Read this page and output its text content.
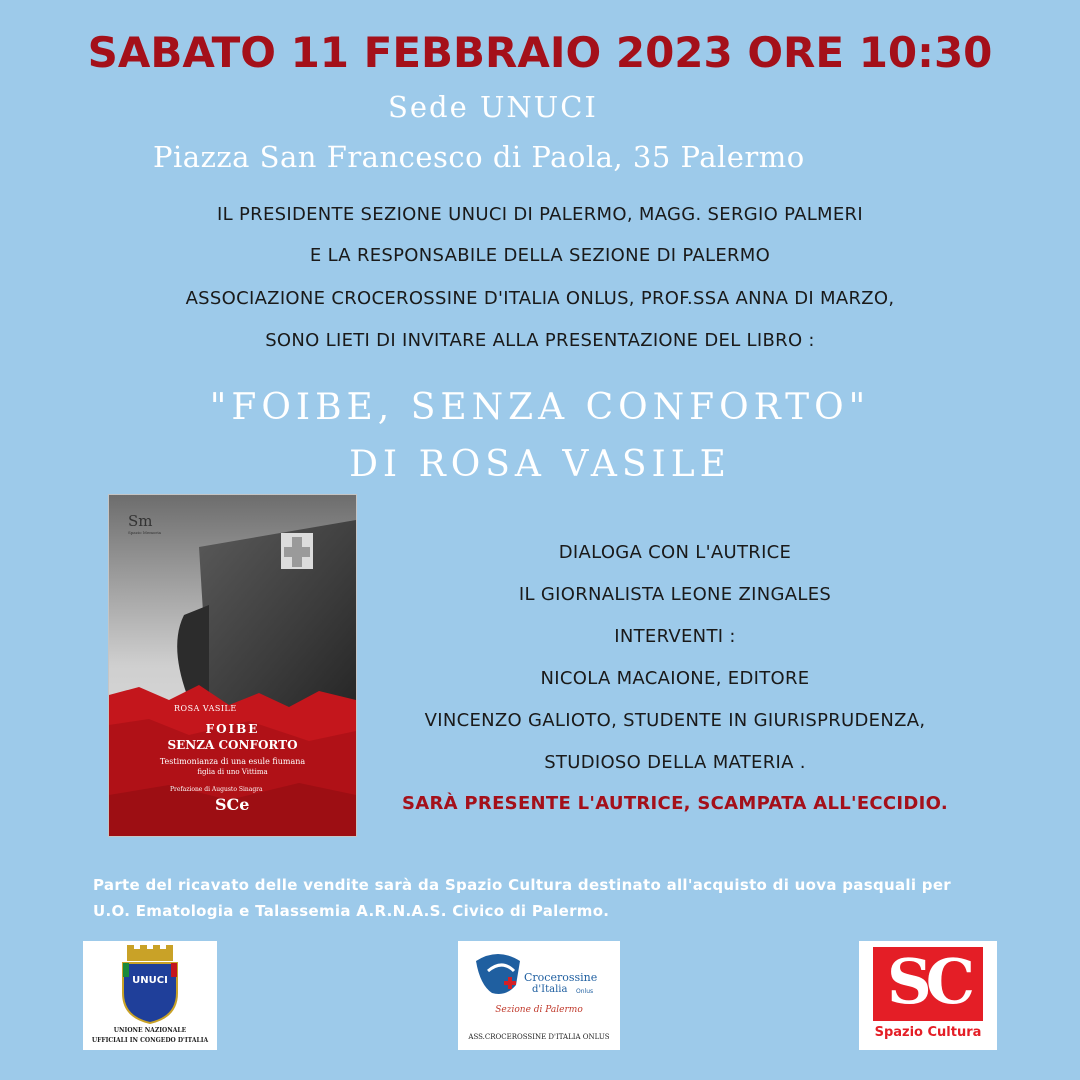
SABATO 11 FEBBRAIO 2023 ORE 10:30
Sede UNUCI
Piazza San Francesco di Paola, 35 Palermo
IL PRESIDENTE SEZIONE UNUCI DI PALERMO, MAGG. SERGIO PALMERI
E LA RESPONSABILE DELLA SEZIONE DI PALERMO
ASSOCIAZIONE CROCEROSSINE D'ITALIA ONLUS, PROF.SSA ANNA DI MARZO,
SONO LIETI DI INVITARE ALLA PRESENTAZIONE DEL LIBRO :
"FOIBE, SENZA CONFORTO"
DI ROSA VASILE
Sm
ROSA VASILE
FOIBE
SENZA CONFORTO
Testimonianza di una esule fiumana
figlia di uno Vittima
Prefazione di Augusto Sinagra
SCe
Spazio Memoria
DIALOGA CON L'AUTRICE
IL GIORNALISTA LEONE ZINGALES
INTERVENTI :
NICOLA MACAIONE, EDITORE
VINCENZO GALIOTO, STUDENTE IN GIURISPRUDENZA,
STUDIOSO DELLA MATERIA .
SARÀ PRESENTE L'AUTRICE, SCAMPATA ALL'ECCIDIO.
Parte del ricavato delle vendite sarà da Spazio Cultura destinato all'acquisto di uova pasquali per U.O. Ematologia e Talassemia A.R.N.A.S. Civico di Palermo.
UNUCI
UNIONE NAZIONALE
UFFICIALI IN CONGEDO D'ITALIA
Crocerossine
d'Italia Onlus
Sezione di Palermo
ASS.CROCEROSSINE D'ITALIA ONLUS
SC
Spazio Cultura
